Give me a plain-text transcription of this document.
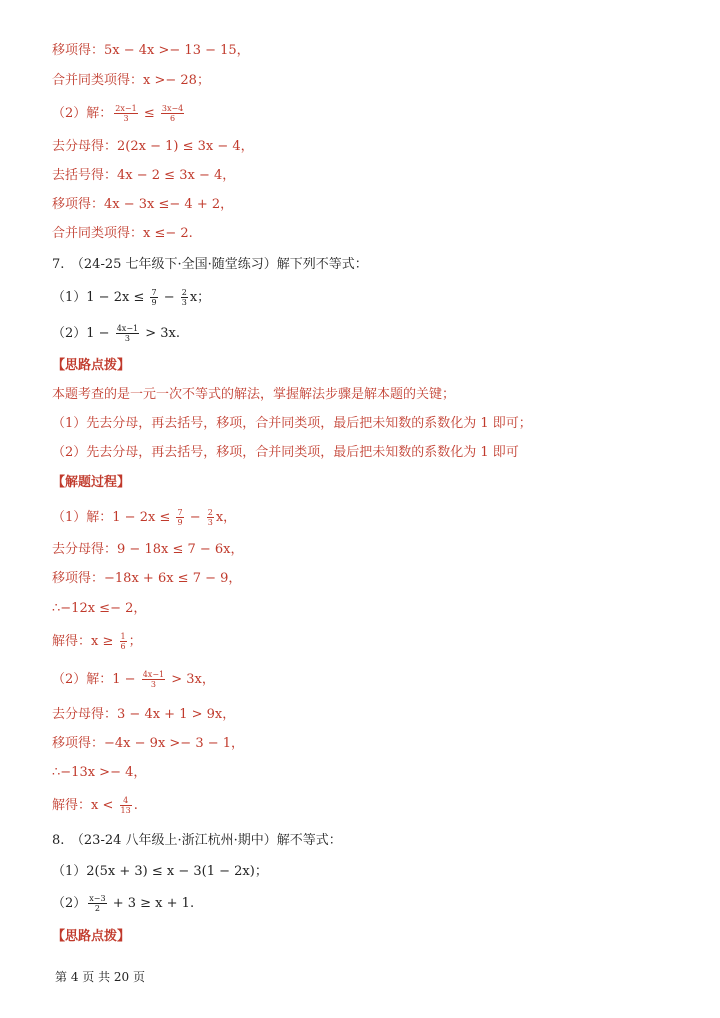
移项得：5x − 4x >− 13 − 15，
合并同类项得：x >− 28；
（2）解： $\frac{2x-1}{3} \le \frac{3x-4}{6}$
去分母得：2(2x − 1) ≤ 3x − 4，
去括号得：4x − 2 ≤ 3x − 4，
移项得：4x − 3x ≤− 4 + 2，
合并同类项得：x ≤− 2.
7.　（24-25 七年级下·全国·随堂练习）解下列不等式：
$(1)1 - 2x \le \frac{7}{9} - \frac{2}{3}$ x；
$(2)1 - \frac{4x-1}{3} > 3x$.
【思路点拨】
本题考查的是一元一次不等式的解法，掌握解法步骤是解本题的关键；
（1）先去分母，再去括号，移项，合并同类项，最后把未知数的系数化为 1 即可；
（2）先去分母，再去括号，移项，合并同类项，最后把未知数的系数化为 1 即可
【解题过程】
（1）解：$1 - 2x \le \frac{7}{9} - \frac{2}{3}$ x，
去分母得：9 − 18x ≤ 7 − 6x，
移项得：−18x + 6x ≤ 7 − 9，
∴−12x ≤− 2，
解得：$x \ge \frac{1}{6}$ ；
（2）解：$1 - \frac{4x-1}{3} > 3x$，
去分母得：3 − 4x + 1 > 9x，
移项得：−4x − 9x >− 3 − 1，
∴−13x >− 4，
解得：$x < \frac{4}{13}$ .
8.　（23-24 八年级上·浙江杭州·期中）解不等式：
（1）2(5x + 3) ≤ x − 3(1 − 2x)；
$(2) \frac{x-3}{2} + 3 \ge x + 1$.
【思路点拨】
第 4 页 共 20 页
